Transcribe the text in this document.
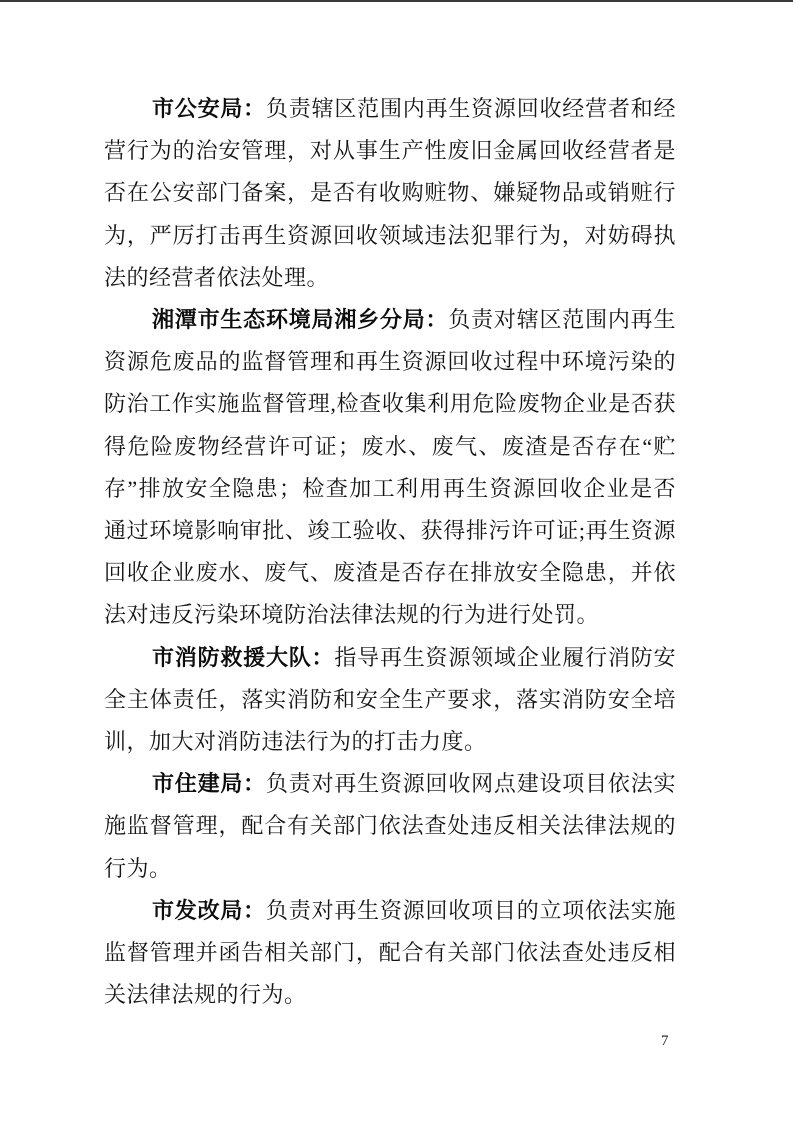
市公安局：负责辖区范围内再生资源回收经营者和经营行为的治安管理，对从事生产性废旧金属回收经营者是否在公安部门备案，是否有收购赃物、嫌疑物品或销赃行为，严厉打击再生资源回收领域违法犯罪行为，对妨碍执法的经营者依法处理。

湘潭市生态环境局湘乡分局：负责对辖区范围内再生资源危废品的监督管理和再生资源回收过程中环境污染的防治工作实施监督管理,检查收集利用危险废物企业是否获得危险废物经营许可证；废水、废气、废渣是否存在“贮存”排放安全隐患；检查加工利用再生资源回收企业是否通过环境影响审批、竣工验收、获得排污许可证;再生资源回收企业废水、废气、废渣是否存在排放安全隐患，并依法对违反污染环境防治法律法规的行为进行处罚。

市消防救援大队：指导再生资源领域企业履行消防安全主体责任，落实消防和安全生产要求，落实消防安全培训，加大对消防违法行为的打击力度。

市住建局：负责对再生资源回收网点建设项目依法实施监督管理，配合有关部门依法查处违反相关法律法规的行为。

市发改局：负责对再生资源回收项目的立项依法实施监督管理并函告相关部门，配合有关部门依法查处违反相关法律法规的行为。

7
